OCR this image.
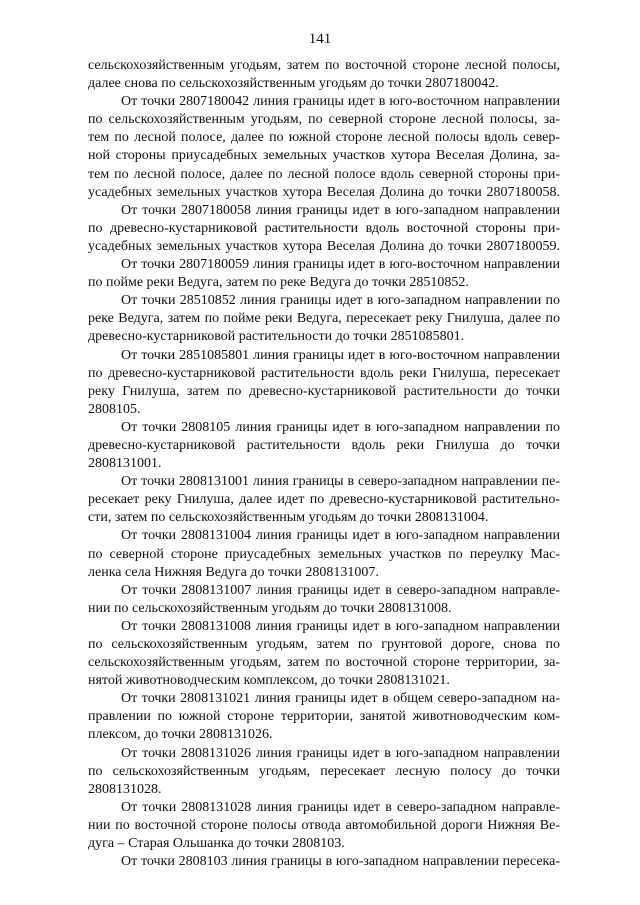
141
сельскохозяйственным угодьям, затем по восточной стороне лесной полосы,
далее снова по сельскохозяйственным угодьям до точки 2807180042.
От точки 2807180042 линия границы идет в юго-восточном направлении
по сельскохозяйственным угодьям, по северной стороне лесной полосы, за-
тем по лесной полосе, далее по южной стороне лесной полосы вдоль север-
ной стороны приусадебных земельных участков хутора Веселая Долина, за-
тем по лесной полосе, далее по лесной полосе вдоль северной стороны при-
усадебных земельных участков хутора Веселая Долина до точки 2807180058.
От точки 2807180058 линия границы идет в юго-западном направлении
по древесно-кустарниковой растительности вдоль восточной стороны при-
усадебных земельных участков хутора Веселая Долина до точки 2807180059.
От точки 2807180059 линия границы идет в юго-восточном направлении
по пойме реки Ведуга, затем по реке Ведуга до точки 28510852.
От точки 28510852 линия границы идет в юго-западном направлении по
реке Ведуга, затем по пойме реки Ведуга, пересекает реку Гнилуша, далее по
древесно-кустарниковой растительности до точки 2851085801.
От точки 2851085801 линия границы идет в юго-восточном направлении
по древесно-кустарниковой растительности вдоль реки Гнилуша, пересекает
реку Гнилуша, затем по древесно-кустарниковой растительности до точки
2808105.
От точки 2808105 линия границы идет в юго-западном направлении по
древесно-кустарниковой растительности вдоль реки Гнилуша до точки
2808131001.
От точки 2808131001 линия границы в северо-западном направлении пе-
ресекает реку Гнилуша, далее идет по древесно-кустарниковой растительно-
сти, затем по сельскохозяйственным угодьям до точки 2808131004.
От точки 2808131004 линия границы идет в юго-западном направлении
по северной стороне приусадебных земельных участков по переулку Мас-
ленка села Нижняя Ведуга до точки 2808131007.
От точки 2808131007 линия границы идет в северо-западном направле-
нии по сельскохозяйственным угодьям до точки 2808131008.
От точки 2808131008 линия границы идет в юго-западном направлении
по сельскохозяйственным угодьям, затем по грунтовой дороге, снова по
сельскохозяйственным угодьям, затем по восточной стороне территории, за-
нятой животноводческим комплексом, до точки 2808131021.
От точки 2808131021 линия границы идет в общем северо-западном на-
правлении по южной стороне территории, занятой животноводческим ком-
плексом, до точки 2808131026.
От точки 2808131026 линия границы идет в юго-западном направлении
по сельскохозяйственным угодьям, пересекает лесную полосу до точки
2808131028.
От точки 2808131028 линия границы идет в северо-западном направле-
нии по восточной стороне полосы отвода автомобильной дороги Нижняя Ве-
дуга – Старая Ольшанка до точки 2808103.
От точки 2808103 линия границы в юго-западном направлении пересека-
